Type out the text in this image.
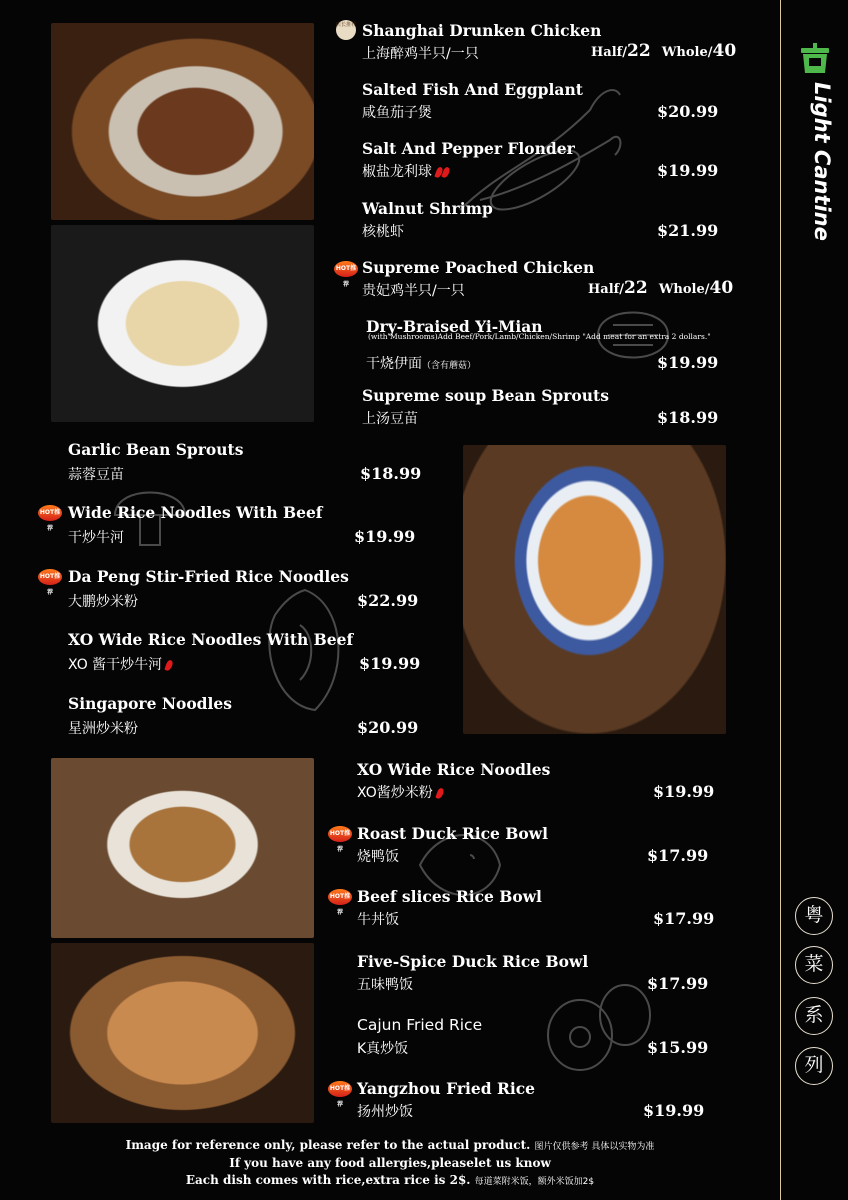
店长推荐 Shanghai Drunken Chicken
上海醉鸡半只/一只	Half/22 Whole/40
Salted Fish And Eggplant
咸鱼茄子煲	$20.99
Salt And Pepper Flonder
椒盐龙利球	$19.99
Walnut Shrimp
核桃虾	$21.99
HOT推荐
Supreme Poached Chicken
贵妃鸡半只/一只	Half/22 Whole/40
Dry-Braised Yi-Mian
(with Mushrooms)Add Beef/Pork/Lamb/Chicken/Shrimp "Add meat for an extra 2 dollars."
干烧伊面（含有蘑菇）	$19.99
Supreme soup Bean Sprouts
上汤豆苗	$18.99
Garlic Bean Sprouts
蒜蓉豆苗	$18.99
HOT推荐
Wide Rice Noodles With Beef
干炒牛河	$19.99
HOT推荐
Da Peng Stir-Fried Rice Noodles
大鹏炒米粉	$22.99
XO Wide Rice Noodles With Beef
XO 酱干炒牛河	$19.99
Singapore Noodles
星洲炒米粉	$20.99
XO Wide Rice Noodles
XO酱炒米粉	$19.99
HOT推荐
Roast Duck Rice Bowl
烧鸭饭	$17.99
HOT推荐
Beef slices Rice Bowl
牛丼饭	$17.99
Five-Spice Duck Rice Bowl
五味鸭饭	$17.99
Cajun Fried Rice
K真炒饭	$15.99
HOT推荐
Yangzhou Fried Rice
扬州炒饭	$19.99
Light Cantine
粤
菜
系
列
Image for reference only, please refer to the actual product. 图片仅供参考 具体以实物为准
If you have any food allergies,pleaselet us know
Each dish comes with rice,extra rice is 2$. 每道菜附米饭，额外米饭加2$
